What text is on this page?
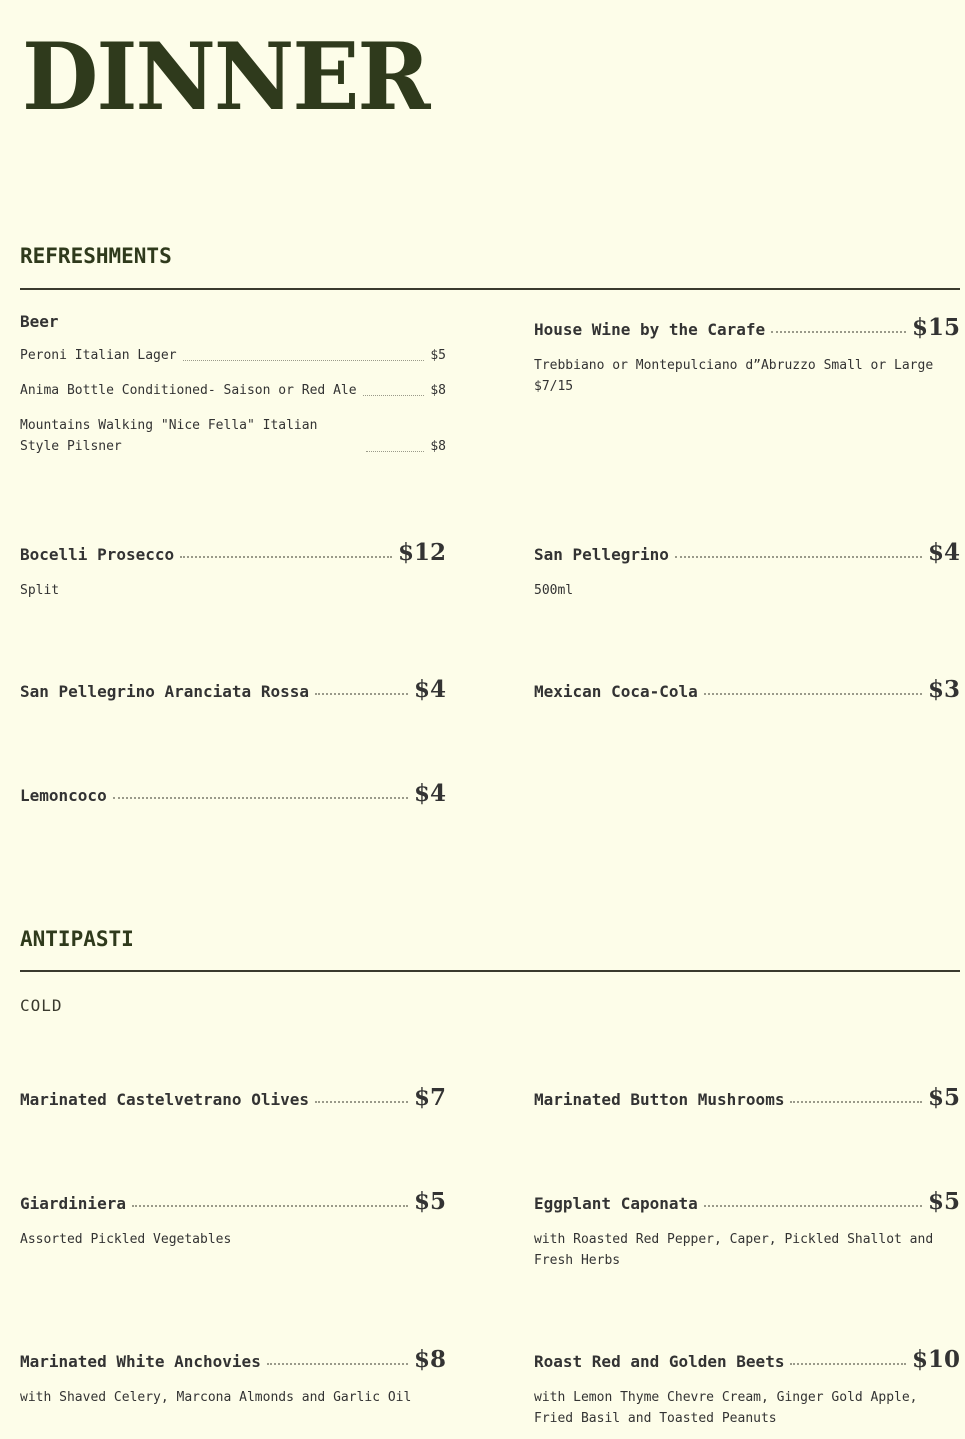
DINNER
REFRESHMENTS
Beer
Peroni Italian Lager	$5
Anima Bottle Conditioned- Saison or Red Ale	$8
Mountains Walking "Nice Fella" Italian Style Pilsner	$8
House Wine by the Carafe	$15
Trebbiano or Montepulciano d”Abruzzo Small or Large $7/15
Bocelli Prosecco	$12
Split
San Pellegrino	$4
500ml
San Pellegrino Aranciata Rossa	$4	Mexican Coca-Cola	$3
Lemoncoco	$4
ANTIPASTI
COLD
Marinated Castelvetrano Olives	$7	Marinated Button Mushrooms	$5
Giardiniera	$5
Assorted Pickled Vegetables
Eggplant Caponata	$5
with Roasted Red Pepper, Caper, Pickled Shallot and Fresh Herbs
Marinated White Anchovies	$8
with Shaved Celery, Marcona Almonds and Garlic Oil
Roast Red and Golden Beets	$10
with Lemon Thyme Chevre Cream, Ginger Gold Apple, Fried Basil and Toasted Peanuts
